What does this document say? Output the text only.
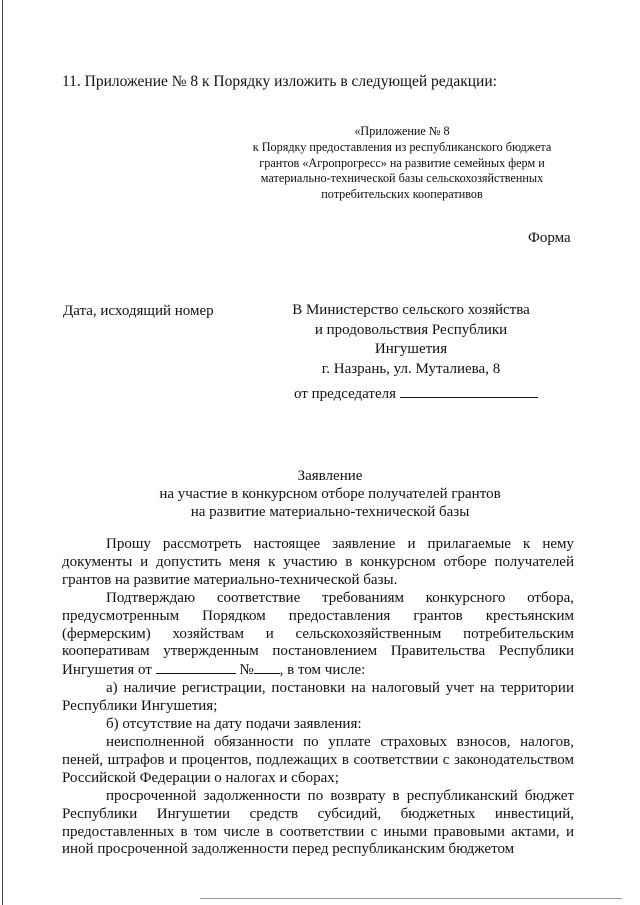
11. Приложение № 8 к Порядку изложить в следующей редакции:
«Приложение № 8
к Порядку предоставления из республиканского бюджета
грантов «Агропрогресс» на развитие семейных ферм и
материально-технической базы сельскохозяйственных
потребительских кооперативов
Форма
Дата, исходящий номер	В Министерство сельского хозяйства
и продовольствия Республики
Ингушетия
г. Назрань, ул. Муталиева, 8
от председателя
Заявление
на участие в конкурсном отборе получателей грантов
на развитие материально-технической базы

Прошу рассмотреть настоящее заявление и прилагаемые к нему документы и допустить меня к участию в конкурсном отборе получателей грантов на развитие материально-технической базы.

Подтверждаю соответствие требованиям конкурсного отбора, предусмотренным Порядком предоставления грантов крестьянским (фермерским) хозяйствам и сельскохозяйственным потребительским кооперативам утвержденным постановлением Правительства Республики Ингушетия от	№ , в том числе:

а) наличие регистрации, постановки на налоговый учет на территории Республики Ингушетия;

б) отсутствие на дату подачи заявления:

неисполненной обязанности по уплате страховых взносов, налогов, пеней, штрафов и процентов, подлежащих в соответствии с законодательством Российской Федерации о налогах и сборах;

просроченной задолженности по возврату в республиканский бюджет Республики Ингушетии средств субсидий, бюджетных инвестиций, предоставленных в том числе в соответствии с иными правовыми актами, и иной просроченной задолженности перед республиканским бюджетом
